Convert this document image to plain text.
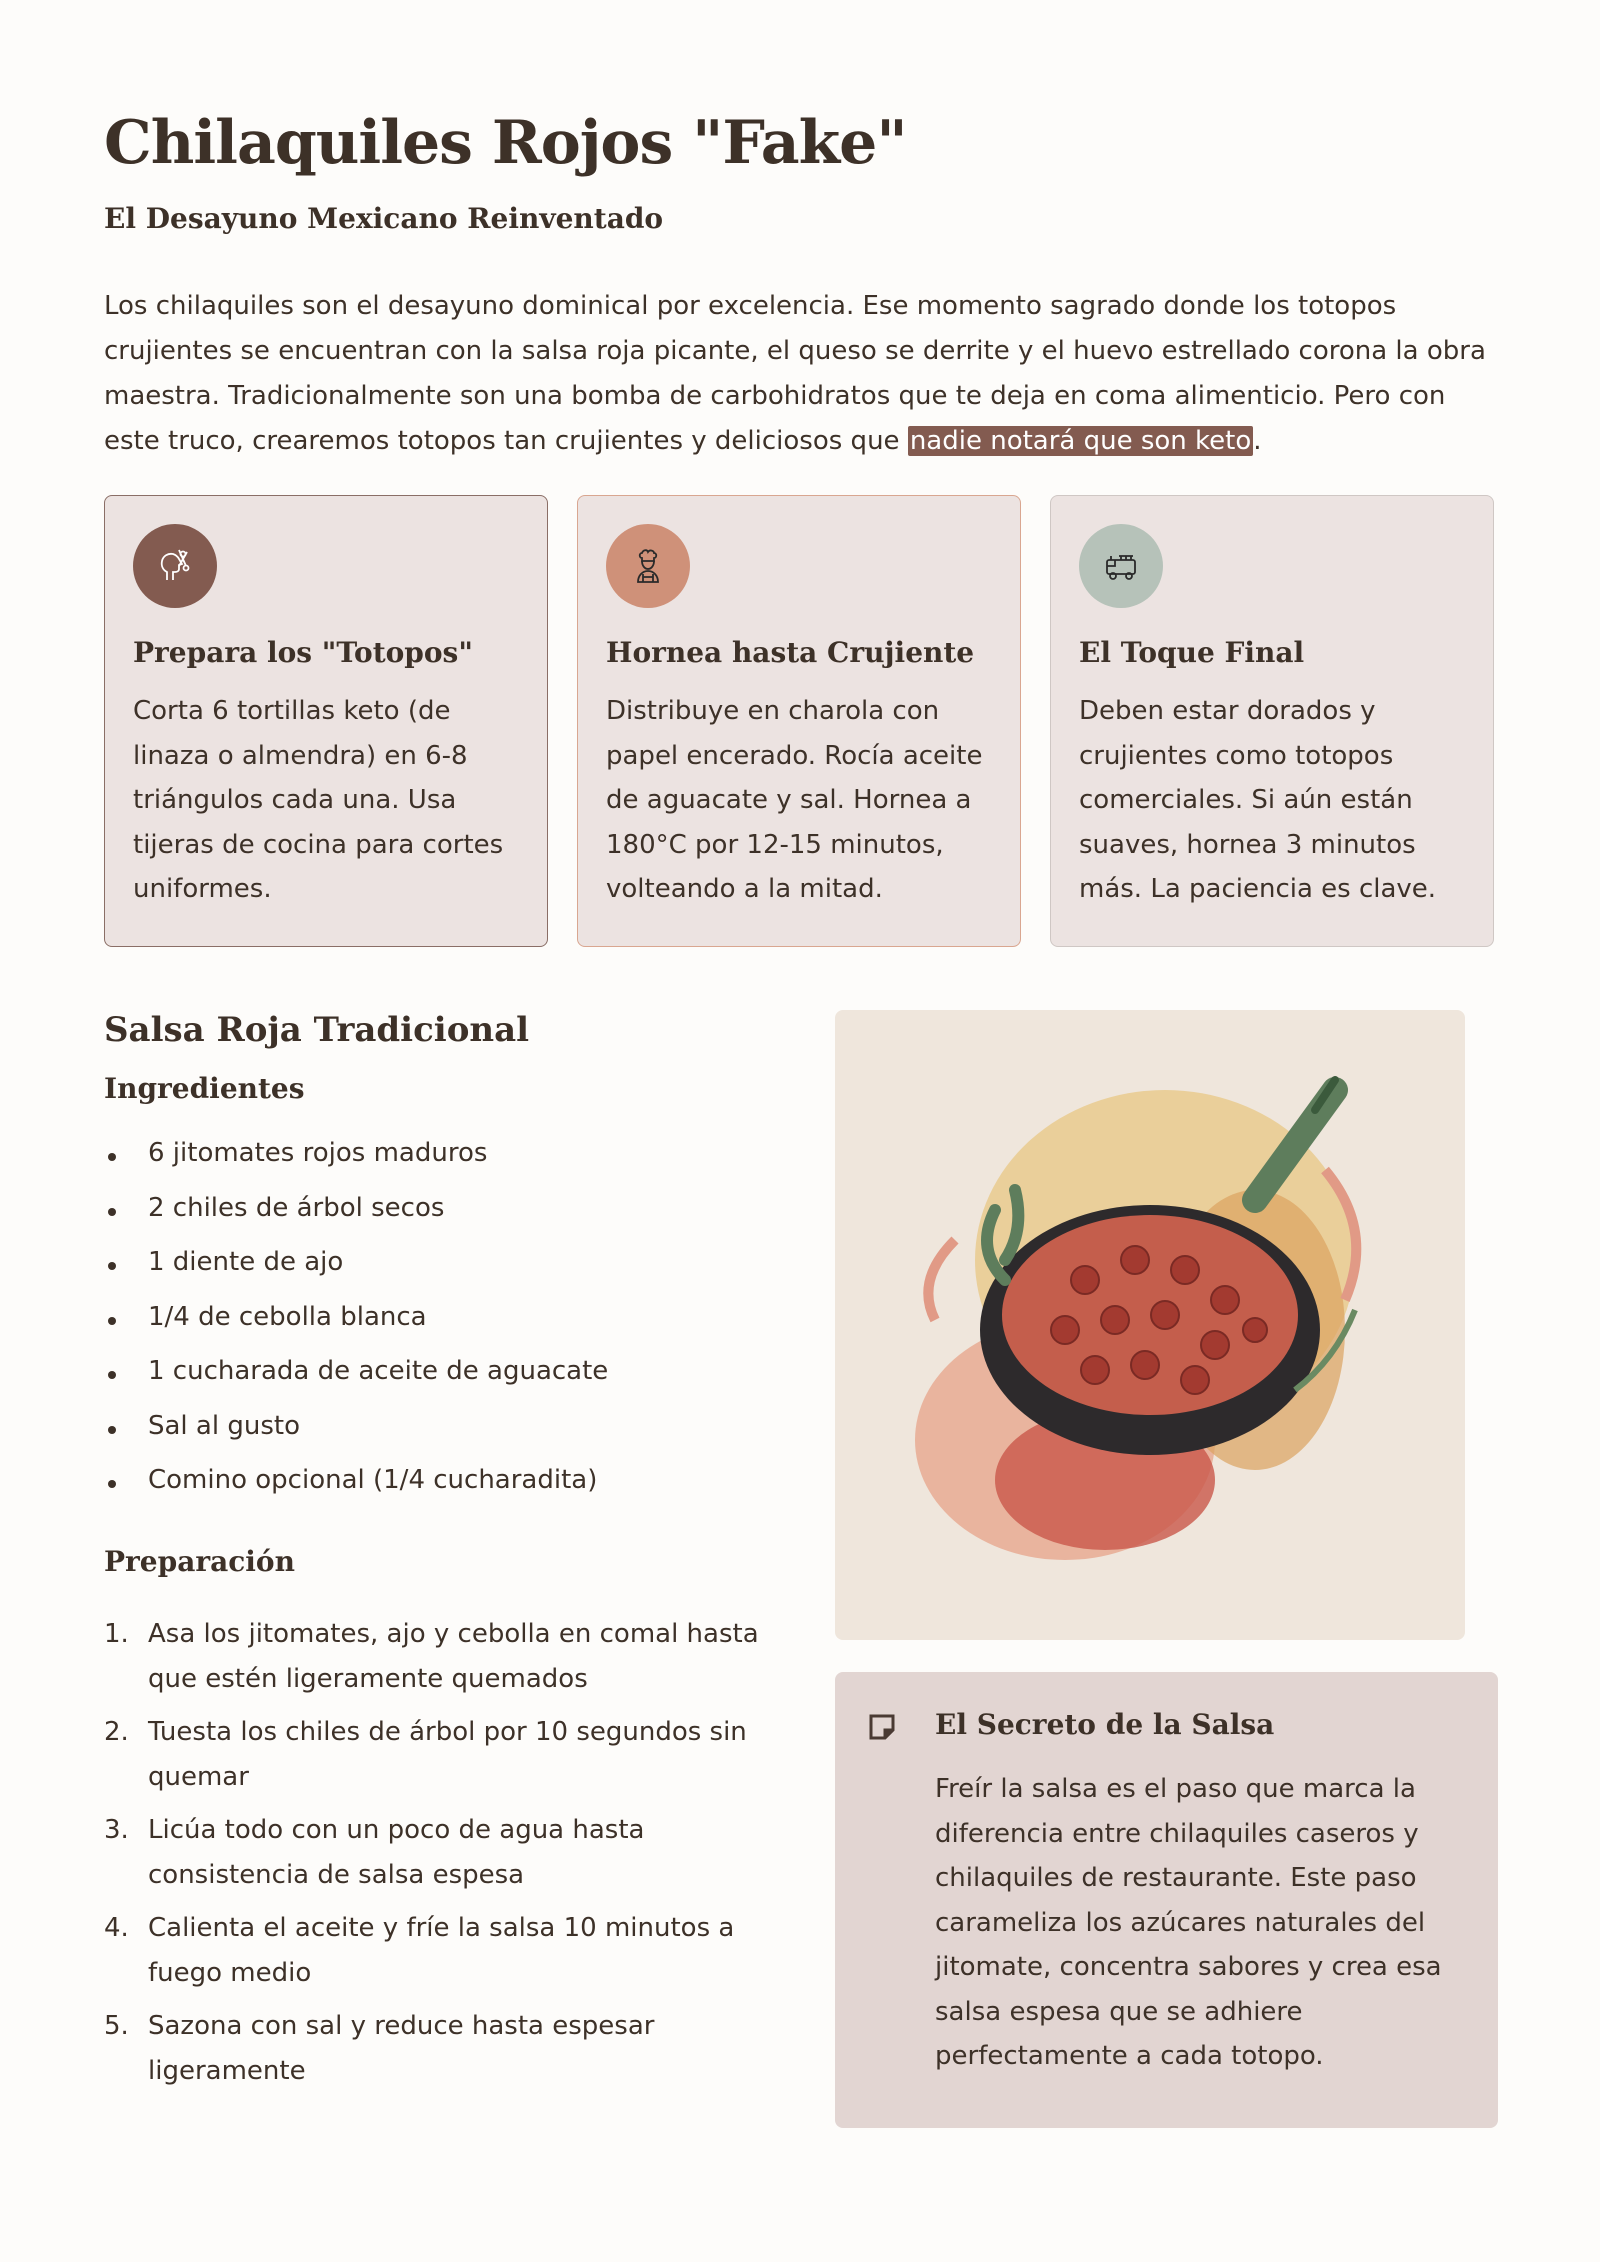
Chilaquiles Rojos "Fake"
El Desayuno Mexicano Reinventado

Los chilaquiles son el desayuno dominical por excelencia. Ese momento sagrado donde los totopos crujientes se encuentran con la salsa roja picante, el queso se derrite y el huevo estrellado corona la obra maestra. Tradicionalmente son una bomba de carbohidratos que te deja en coma alimenticio. Pero con este truco, crearemos totopos tan crujientes y deliciosos que nadie notará que son keto.

Prepara los "Totopos"

Corta 6 tortillas keto (de linaza o almendra) en 6-8 triángulos cada una. Usa tijeras de cocina para cortes uniformes.

Hornea hasta Crujiente

Distribuye en charola con papel encerado. Rocía aceite de aguacate y sal. Hornea a 180°C por 12-15 minutos, volteando a la mitad.

El Toque Final

Deben estar dorados y crujientes como totopos comerciales. Si aún están suaves, hornea 3 minutos más. La paciencia es clave.

Salsa Roja Tradicional
Ingredientes
6 jitomates rojos maduros
2 chiles de árbol secos
1 diente de ajo
1/4 de cebolla blanca
1 cucharada de aceite de aguacate
Sal al gusto
Comino opcional (1/4 cucharadita)
Preparación
1. Asa los jitomates, ajo y cebolla en comal hasta que estén ligeramente quemados
2. Tuesta los chiles de árbol por 10 segundos sin quemar
3. Licúa todo con un poco de agua hasta consistencia de salsa espesa
4. Calienta el aceite y fríe la salsa 10 minutos a fuego medio
5. Sazona con sal y reduce hasta espesar ligeramente
El Secreto de la Salsa

Freír la salsa es el paso que marca la diferencia entre chilaquiles caseros y chilaquiles de restaurante. Este paso carameliza los azúcares naturales del jitomate, concentra sabores y crea esa salsa espesa que se adhiere perfectamente a cada totopo.
